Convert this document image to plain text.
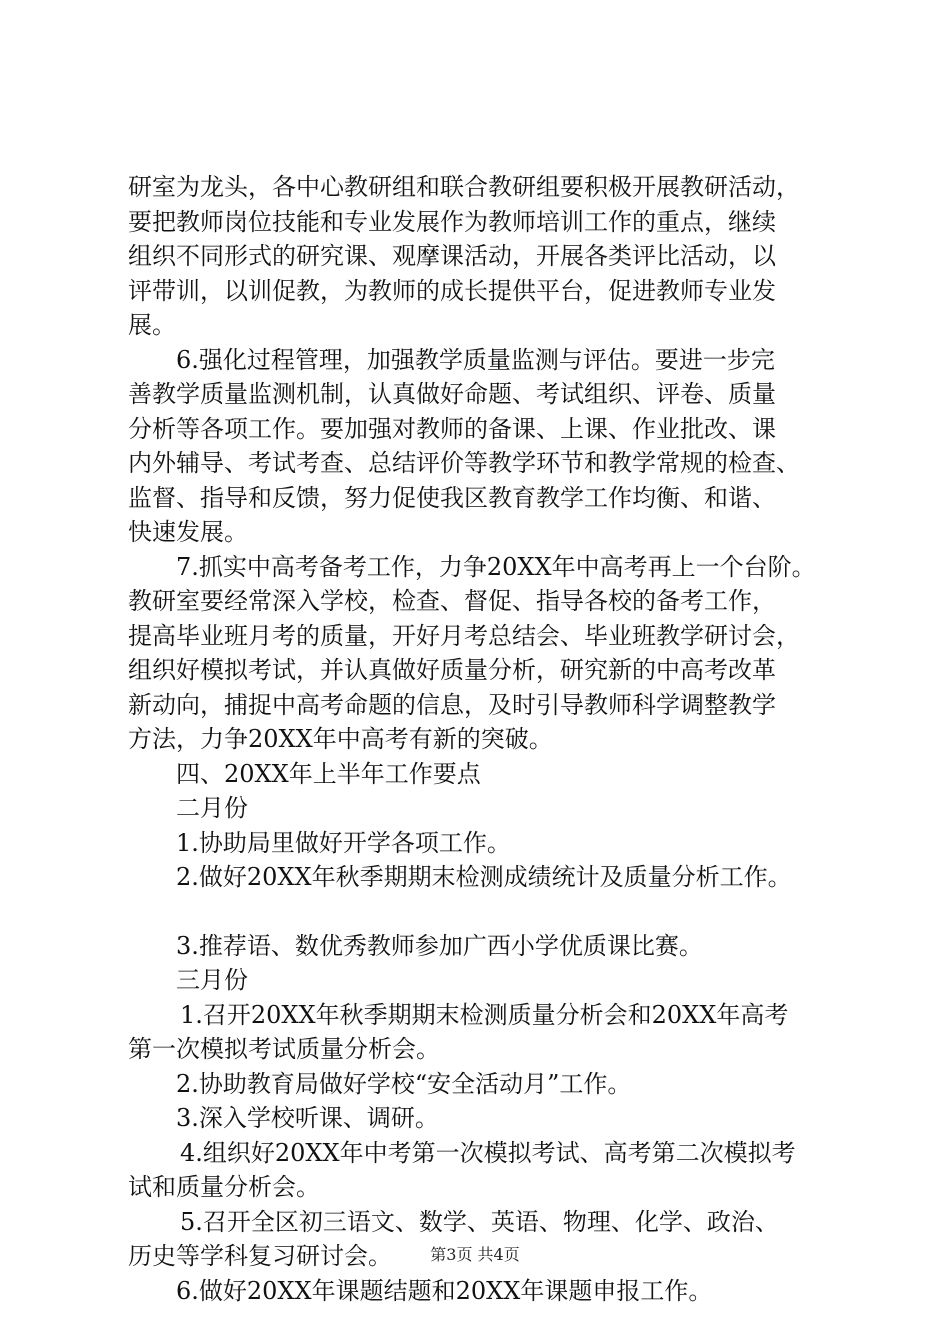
研室为龙头，各中心教研组和联合教研组要积极开展教研活动，
要把教师岗位技能和专业发展作为教师培训工作的重点，继续
组织不同形式的研究课、观摩课活动，开展各类评比活动，以
评带训，以训促教，为教师的成长提供平台，促进教师专业发
展。
6.强化过程管理，加强教学质量监测与评估。要进一步完
善教学质量监测机制，认真做好命题、考试组织、评卷、质量
分析等各项工作。要加强对教师的备课、上课、作业批改、课
内外辅导、考试考查、总结评价等教学环节和教学常规的检查、
监督、指导和反馈，努力促使我区教育教学工作均衡、和谐、
快速发展。
7.抓实中高考备考工作，力争20XX年中高考再上一个台阶。
教研室要经常深入学校，检查、督促、指导各校的备考工作，
提高毕业班月考的质量，开好月考总结会、毕业班教学研讨会，
组织好模拟考试，并认真做好质量分析，研究新的中高考改革
新动向，捕捉中高考命题的信息，及时引导教师科学调整教学
方法，力争20XX年中高考有新的突破。
四、20XX年上半年工作要点
二月份
1.协助局里做好开学各项工作。
2.做好20XX年秋季期期末检测成绩统计及质量分析工作。
3.推荐语、数优秀教师参加广西小学优质课比赛。
三月份
1.召开20XX年秋季期期末检测质量分析会和20XX年高考
第一次模拟考试质量分析会。
2.协助教育局做好学校“安全活动月”工作。
3.深入学校听课、调研。
4.组织好20XX年中考第一次模拟考试、高考第二次模拟考
试和质量分析会。
5.召开全区初三语文、数学、英语、物理、化学、政治、
历史等学科复习研讨会。
6.做好20XX年课题结题和20XX年课题申报工作。
第3页 共4页
